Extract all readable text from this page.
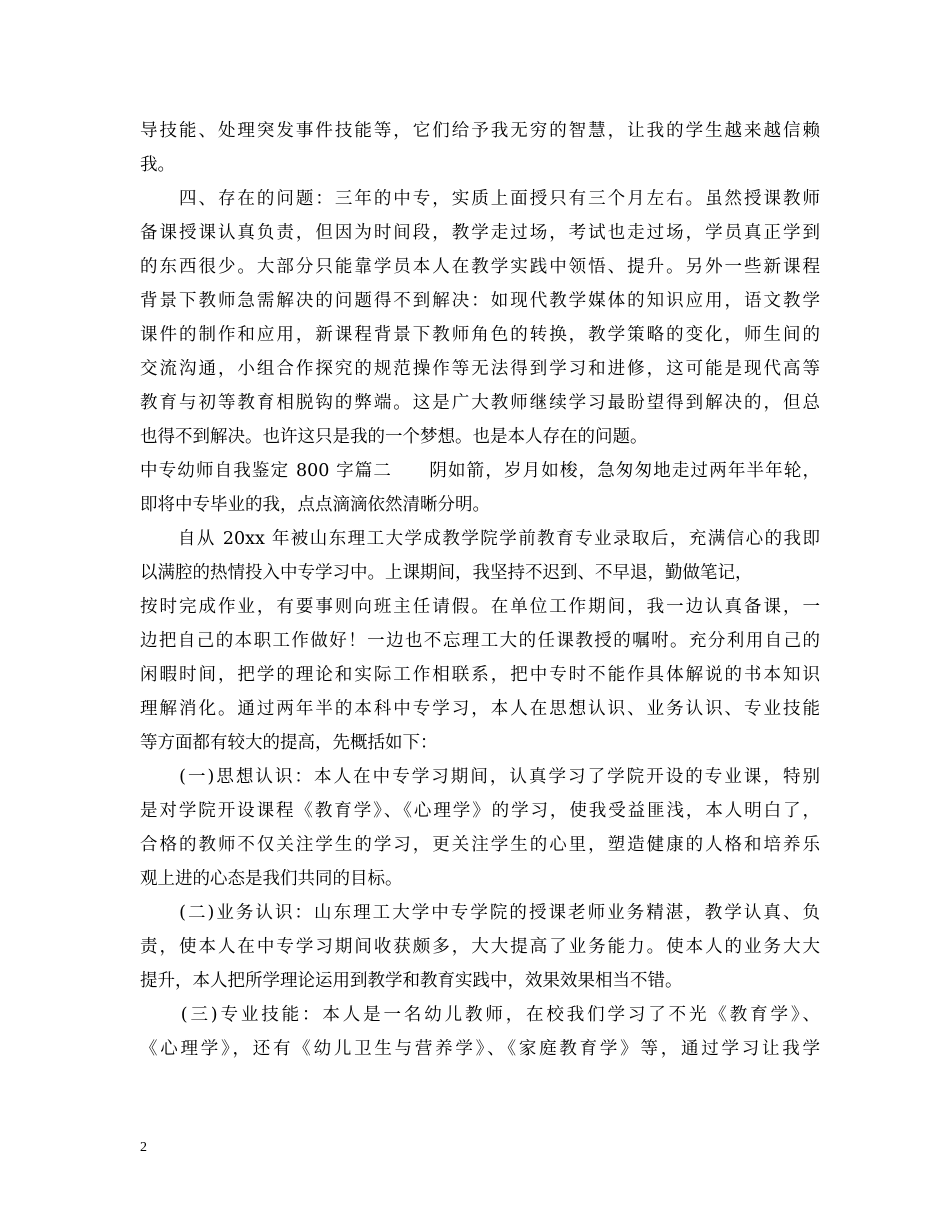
导技能、处理突发事件技能等，它们给予我无穷的智慧，让我的学生越来越信赖
我。
　　四、存在的问题：三年的中专，实质上面授只有三个月左右。虽然授课教师
备课授课认真负责，但因为时间段，教学走过场，考试也走过场，学员真正学到
的东西很少。大部分只能靠学员本人在教学实践中领悟、提升。另外一些新课程
背景下教师急需解决的问题得不到解决：如现代教学媒体的知识应用，语文教学
课件的制作和应用，新课程背景下教师角色的转换，教学策略的变化，师生间的
交流沟通，小组合作探究的规范操作等无法得到学习和进修，这可能是现代高等
教育与初等教育相脱钩的弊端。这是广大教师继续学习最盼望得到解决的，但总
也得不到解决。也许这只是我的一个梦想。也是本人存在的问题。
中专幼师自我鉴定 800 字篇二　　阴如箭，岁月如梭，急匆匆地走过两年半年轮，
即将中专毕业的我，点点滴滴依然清晰分明。
　　自从 20xx 年被山东理工大学成教学院学前教育专业录取后，充满信心的我即
以满腔的热情投入中专学习中。上课期间，我坚持不迟到、不早退，勤做笔记，
按时完成作业，有要事则向班主任请假。在单位工作期间，我一边认真备课，一
边把自己的本职工作做好！一边也不忘理工大的任课教授的嘱咐。充分利用自己的
闲暇时间，把学的理论和实际工作相联系，把中专时不能作具体解说的书本知识
理解消化。通过两年半的本科中专学习，本人在思想认识、业务认识、专业技能
等方面都有较大的提高，先概括如下：
　　(一)思想认识：本人在中专学习期间，认真学习了学院开设的专业课，特别
是对学院开设课程《教育学》、《心理学》的学习，使我受益匪浅，本人明白了，
合格的教师不仅关注学生的学习，更关注学生的心里，塑造健康的人格和培养乐
观上进的心态是我们共同的目标。
　　(二)业务认识：山东理工大学中专学院的授课老师业务精湛，教学认真、负
责，使本人在中专学习期间收获颇多，大大提高了业务能力。使本人的业务大大
提升，本人把所学理论运用到教学和教育实践中，效果效果相当不错。
　　(三)专业技能：本人是一名幼儿教师，在校我们学习了不光《教育学》、
《心理学》，还有《幼儿卫生与营养学》、《家庭教育学》等，通过学习让我学
2
